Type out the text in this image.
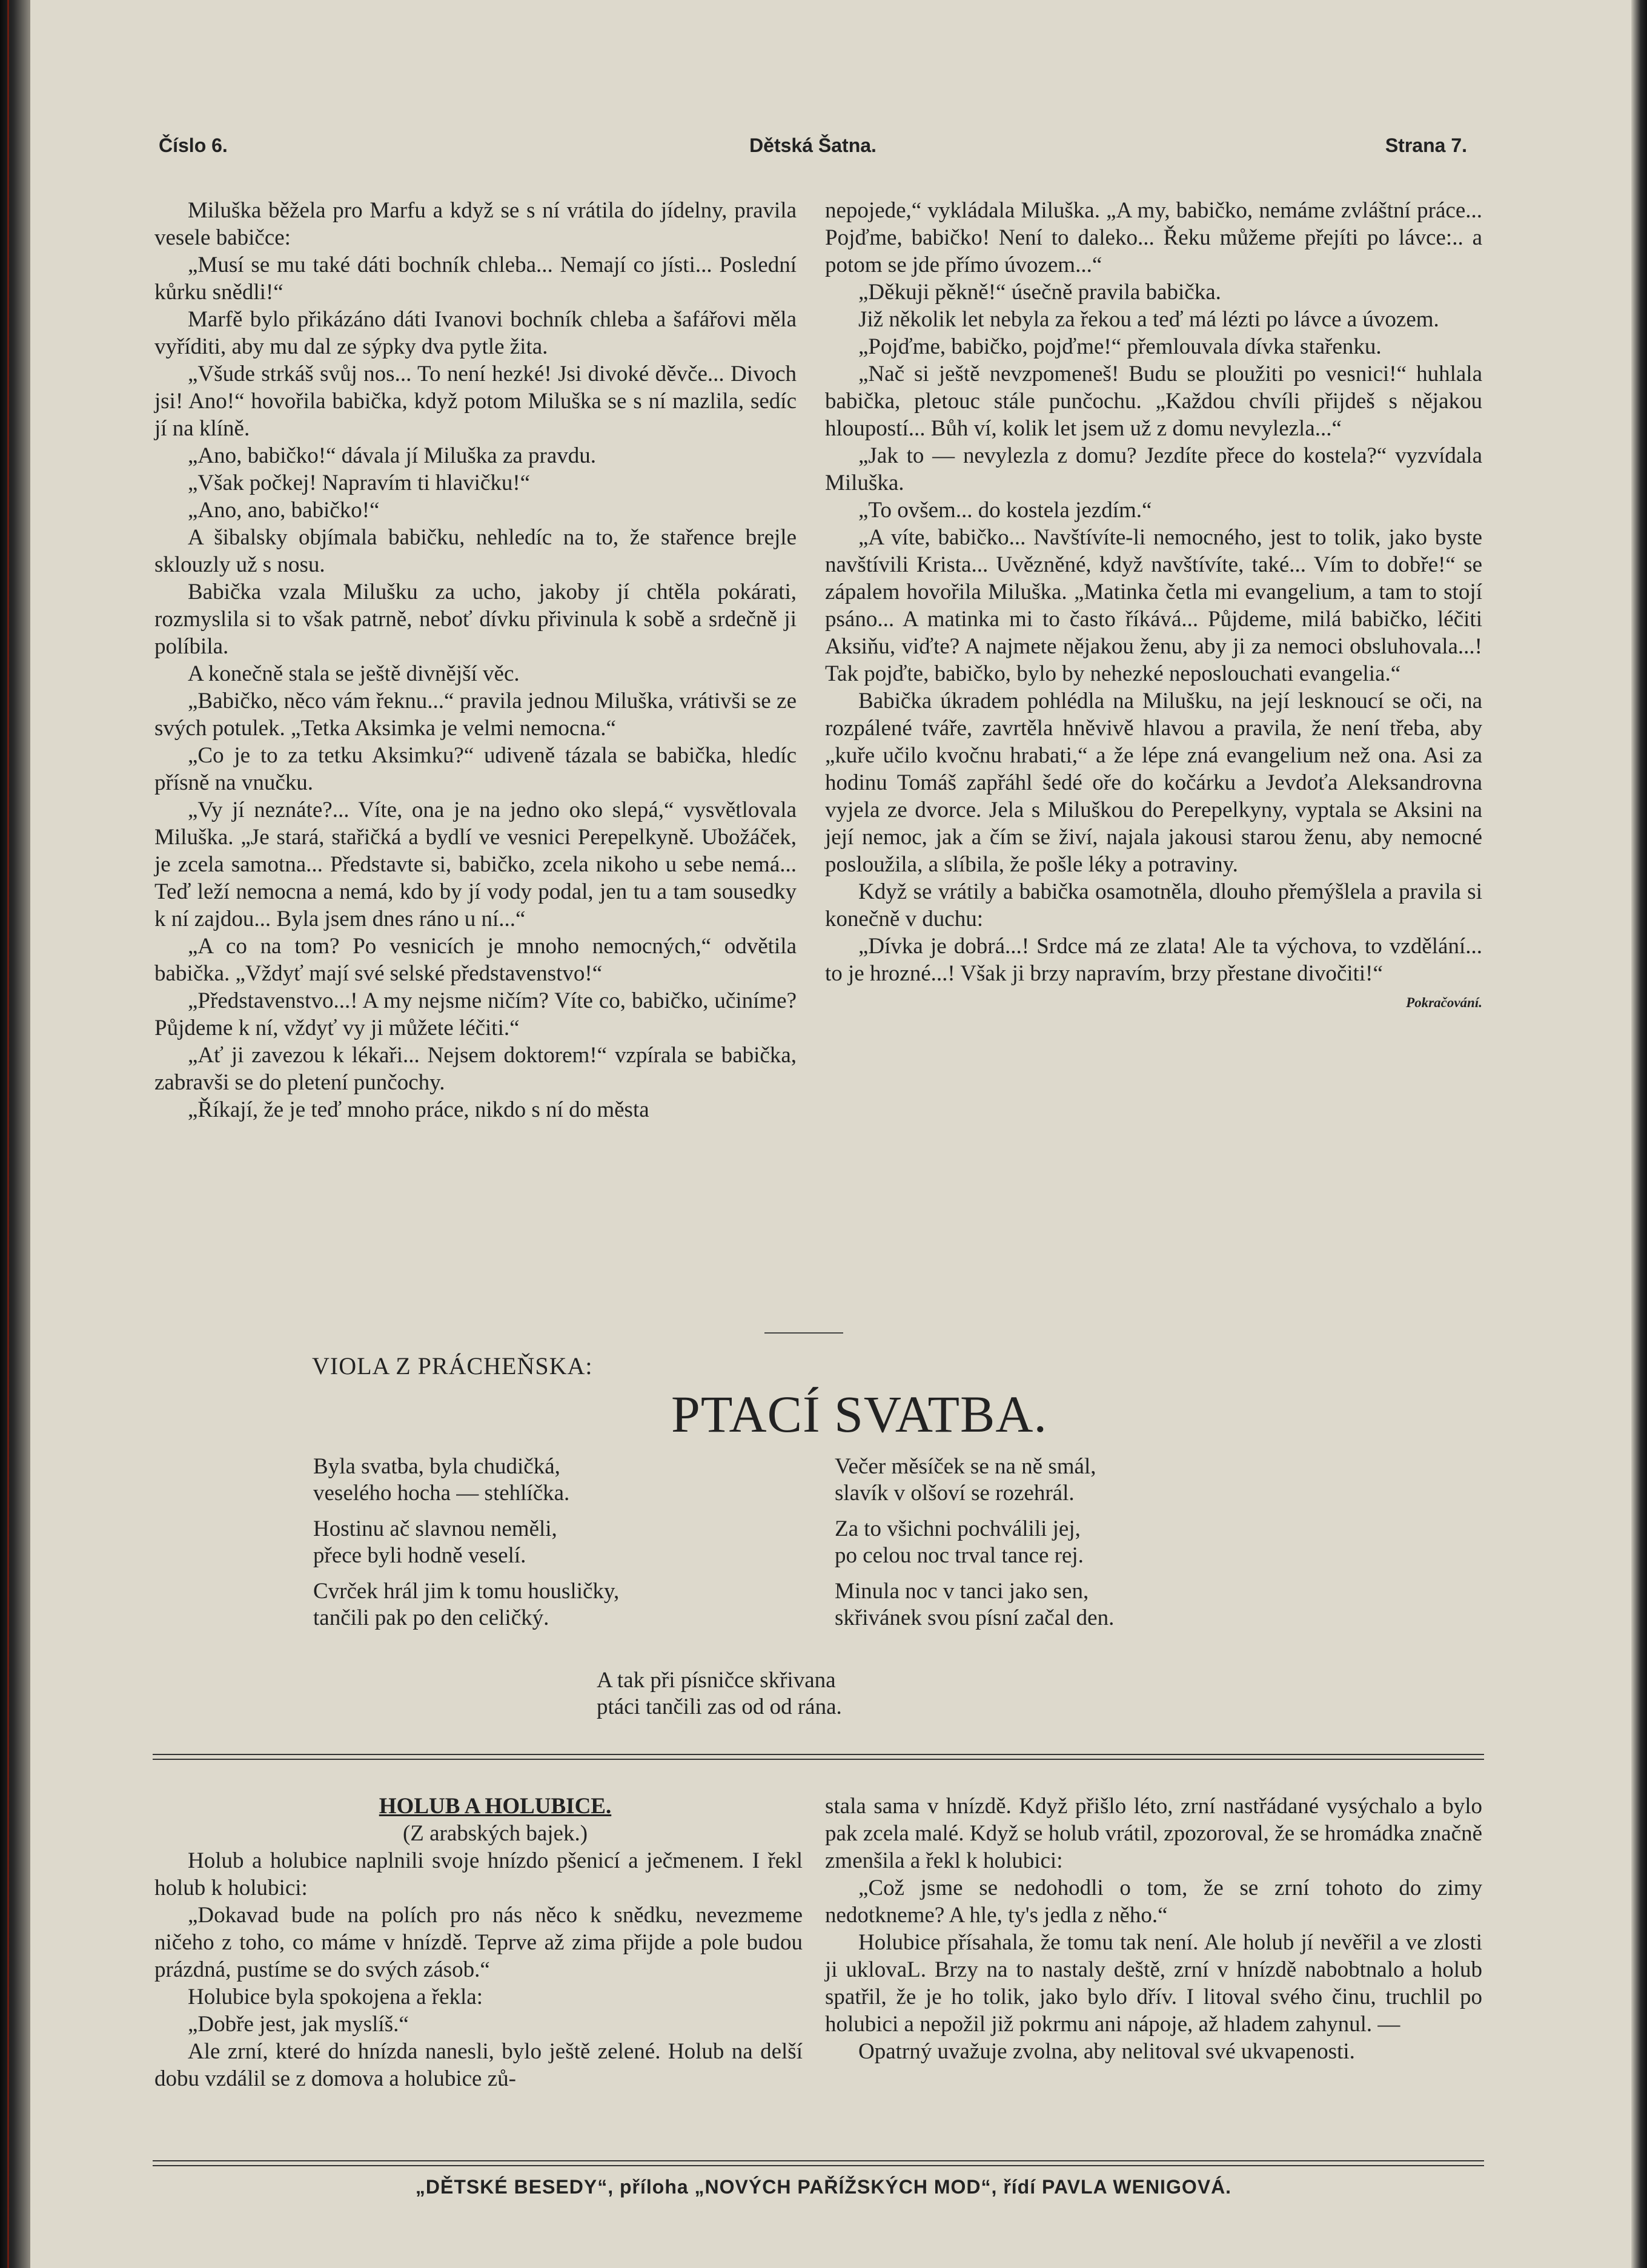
Číslo 6.	Dětská Šatna.	Strana 7.

Miluška běžela pro Marfu a když se s ní vrátila do jídelny, pravila vesele babičce:

„Musí se mu také dáti bochník chleba... Nemají co jísti... Poslední kůrku snědli!“

Marfě bylo přikázáno dáti Ivanovi bochník chleba a šafářovi měla vyříditi, aby mu dal ze sýpky dva pytle žita.

„Všude strkáš svůj nos... To není hezké! Jsi divoké děvče... Divoch jsi! Ano!“ hovořila babička, když potom Miluška se s ní mazlila, sedíc jí na klíně.

„Ano, babičko!“ dávala jí Miluška za pravdu.

„Však počkej! Napravím ti hlavičku!“

„Ano, ano, babičko!“

A šibalsky objímala babičku, nehledíc na to, že stařence brejle sklouzly už s nosu.

Babička vzala Milušku za ucho, jakoby jí chtěla pokárati, rozmyslila si to však patrně, neboť dívku přivinula k sobě a srdečně ji políbila.

A konečně stala se ještě divnější věc.

„Babičko, něco vám řeknu...“ pravila jednou Miluška, vrátivši se ze svých potulek. „Tetka Aksimka je velmi nemocna.“

„Co je to za tetku Aksimku?“ udiveně tázala se babička, hledíc přísně na vnučku.

„Vy jí neznáte?... Víte, ona je na jedno oko slepá,“ vysvětlovala Miluška. „Je stará, stařičká a bydlí ve vesnici Perepelkyně. Ubožáček, je zcela samotna... Představte si, babičko, zcela nikoho u sebe nemá... Teď leží nemocna a nemá, kdo by jí vody podal, jen tu a tam sousedky k ní zajdou... Byla jsem dnes ráno u ní...“

„A co na tom? Po vesnicích je mnoho nemocných,“ odvětila babička. „Vždyť mají své selské představenstvo!“

„Představenstvo...! A my nejsme ničím? Víte co, babičko, učiníme? Půjdeme k ní, vždyť vy ji můžete léčiti.“

„Ať ji zavezou k lékaři... Nejsem doktorem!“ vzpírala se babička, zabravši se do pletení punčochy.

„Říkají, že je teď mnoho práce, nikdo s ní do města

nepojede,“ vykládala Miluška. „A my, babičko, nemáme zvláštní práce... Pojďme, babičko! Není to daleko... Řeku můžeme přejíti po lávce:.. a potom se jde přímo úvozem...“

„Děkuji pěkně!“ úsečně pravila babička.

Již několik let nebyla za řekou a teď má lézti po lávce a úvozem.

„Pojďme, babičko, pojďme!“ přemlouvala dívka stařenku.

„Nač si ještě nevzpomeneš! Budu se ploužiti po vesnici!“ huhlala babička, pletouc stále punčochu. „Každou chvíli přijdeš s nějakou hloupostí... Bůh ví, kolik let jsem už z domu nevylezla...“

„Jak to — nevylezla z domu? Jezdíte přece do kostela?“ vyzvídala Miluška.

„To ovšem... do kostela jezdím.“

„A víte, babičko... Navštívíte-li nemocného, jest to tolik, jako byste navštívili Krista... Uvězněné, když navštívíte, také... Vím to dobře!“ se zápalem hovořila Miluška. „Matinka četla mi evangelium, a tam to stojí psáno... A matinka mi to často říkává... Půjdeme, milá babičko, léčiti Aksiňu, viďte? A najmete nějakou ženu, aby ji za nemoci obsluhovala...! Tak pojďte, babičko, bylo by nehezké neposlouchati evangelia.“

Babička úkradem pohlédla na Milušku, na její lesknoucí se oči, na rozpálené tváře, zavrtěla hněvivě hlavou a pravila, že není třeba, aby „kuře učilo kvočnu hrabati,“ a že lépe zná evangelium než ona. Asi za hodinu Tomáš zapřáhl šedé oře do kočárku a Jevdoťa Aleksandrovna vyjela ze dvorce. Jela s Miluškou do Perepelkyny, vyptala se Aksini na její nemoc, jak a čím se živí, najala jakousi starou ženu, aby nemocné posloužila, a slíbila, že pošle léky a potraviny.

Když se vrátily a babička osamotněla, dlouho přemýšlela a pravila si konečně v duchu:

„Dívka je dobrá...! Srdce má ze zlata! Ale ta výchova, to vzdělání... to je hrozné...! Však ji brzy napravím, brzy přestane divočiti!“

Pokračování.
VIOLA Z PRÁCHEŇSKA:
PTACÍ SVATBA.
Byla svatba, byla chudičká,
veselého hocha — stehlíčka.
Hostinu ač slavnou neměli,
přece byli hodně veselí.
Cvrček hrál jim k tomu housličky,
tančili pak po den celičký.
Večer měsíček se na ně smál,
slavík v olšoví se rozehrál.
Za to všichni pochválili jej,
po celou noc trval tance rej.
Minula noc v tanci jako sen,
skřivánek svou písní začal den.
A tak při písničce skřivana
ptáci tančili zas od od rána.

HOLUB A HOLUBICE.

(Z arabských bajek.)

Holub a holubice naplnili svoje hnízdo pšenicí a ječmenem. I řekl holub k holubici:

„Dokavad bude na polích pro nás něco k snědku, nevezmeme ničeho z toho, co máme v hnízdě. Teprve až zima přijde a pole budou prázdná, pustíme se do svých zásob.“

Holubice byla spokojena a řekla:

„Dobře jest, jak myslíš.“

Ale zrní, které do hnízda nanesli, bylo ještě zelené. Holub na delší dobu vzdálil se z domova a holubice zů-

stala sama v hnízdě. Když přišlo léto, zrní nastřádané vysýchalo a bylo pak zcela malé. Když se holub vrátil, zpozoroval, že se hromádka značně zmenšila a řekl k holubici:

„Což jsme se nedohodli o tom, že se zrní tohoto do zimy nedotkneme? A hle, ty's jedla z něho.“

Holubice přísahala, že tomu tak není. Ale holub jí nevěřil a ve zlosti ji uklovaL. Brzy na to nastaly deště, zrní v hnízdě nabobtnalo a holub spatřil, že je ho tolik, jako bylo dřív. I litoval svého činu, truchlil po holubici a nepožil již pokrmu ani nápoje, až hladem zahynul. —

Opatrný uvažuje zvolna, aby nelitoval své ukvapenosti.

„DĚTSKÉ BESEDY“, příloha „NOVÝCH PAŘÍŽSKÝCH MOD“, řídí PAVLA WENIGOVÁ.
